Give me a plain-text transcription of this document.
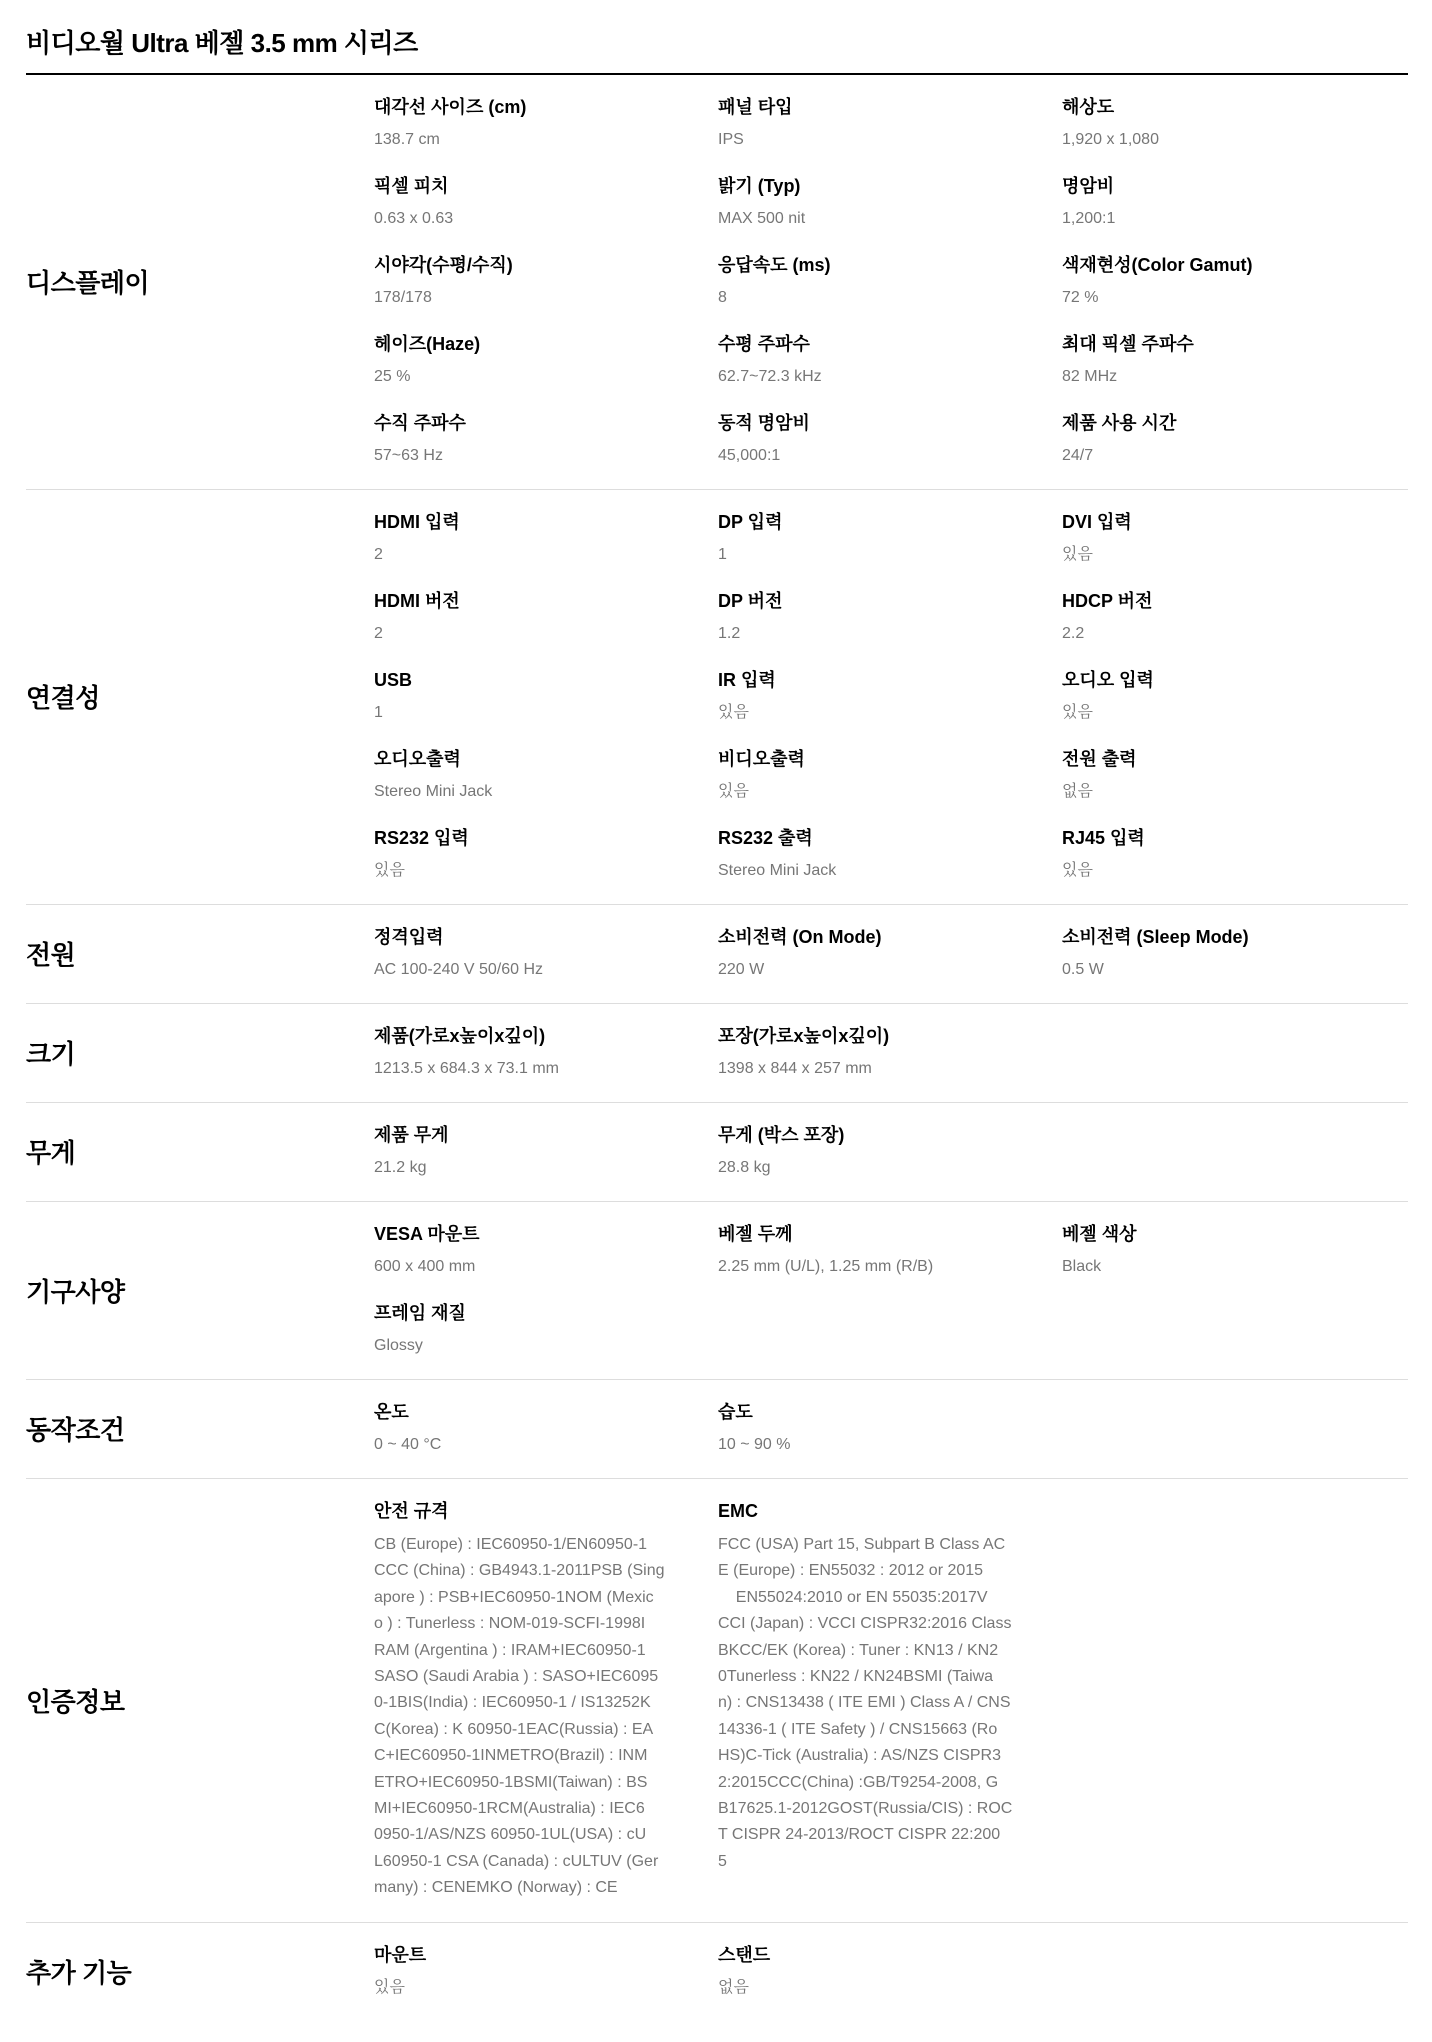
비디오월 Ultra 베젤 3.5 mm 시리즈
디스플레이
대각선 사이즈 (cm)
138.7 cm
패널 타입
IPS
해상도
1,920 x 1,080
픽셀 피치
0.63 x 0.63
밝기 (Typ)
MAX 500 nit
명암비
1,200:1
시야각(수평/수직)
178/178
응답속도 (ms)
8
색재현성(Color Gamut)
72 %
헤이즈(Haze)
25 %
수평 주파수
62.7~72.3 kHz
최대 픽셀 주파수
82 MHz
수직 주파수
57~63 Hz
동적 명암비
45,000:1
제품 사용 시간
24/7
연결성
HDMI 입력
2
DP 입력
1
DVI 입력
있음
HDMI 버전
2
DP 버전
1.2
HDCP 버전
2.2
USB
1
IR 입력
있음
오디오 입력
있음
오디오출력
Stereo Mini Jack
비디오출력
있음
전원 출력
없음
RS232 입력
있음
RS232 출력
Stereo Mini Jack
RJ45 입력
있음
전원
정격입력
AC 100-240 V 50/60 Hz
소비전력 (On Mode)
220 W
소비전력 (Sleep Mode)
0.5 W
크기
제품(가로x높이x깊이)
1213.5 x 684.3 x 73.1 mm
포장(가로x높이x깊이)
1398 x 844 x 257 mm
무게
제품 무게
21.2 kg
무게 (박스 포장)
28.8 kg
기구사양
VESA 마운트
600 x 400 mm
베젤 두께
2.25 mm (U/L), 1.25 mm (R/B)
베젤 색상
Black
프레임 재질
Glossy
동작조건
온도
0 ~ 40 °C
습도
10 ~ 90 %
인증정보
안전 규격
CB (Europe) : IEC60950-1/EN60950-1
CCC (China) : GB4943.1-2011PSB (Sing
apore ) : PSB+IEC60950-1NOM (Mexic
o ) : Tunerless : NOM-019-SCFI-1998I
RAM (Argentina ) : IRAM+IEC60950-1
SASO (Saudi Arabia ) : SASO+IEC6095
0-1BIS(India) : IEC60950-1 / IS13252K
C(Korea) : K 60950-1EAC(Russia) : EA
C+IEC60950-1INMETRO(Brazil) : INM
ETRO+IEC60950-1BSMI(Taiwan) : BS
MI+IEC60950-1RCM(Australia) : IEC6
0950-1/AS/NZS 60950-1UL(USA) : cU
L60950-1 CSA (Canada) : cULTUV (Ger
many) : CENEMKO (Norway) : CE
EMC
FCC (USA) Part 15, Subpart B Class AC
E (Europe) : EN55032 : 2012 or 2015
EN55024:2010 or EN 55035:2017V
CCI (Japan) : VCCI CISPR32:2016 Class
BKCC/EK (Korea) : Tuner : KN13 / KN2
0Tunerless : KN22 / KN24BSMI (Taiwa
n) : CNS13438 ( ITE EMI ) Class A / CNS
14336-1 ( ITE Safety ) / CNS15663 (Ro
HS)C-Tick (Australia) : AS/NZS CISPR3
2:2015CCC(China) :GB/T9254-2008, G
B17625.1-2012GOST(Russia/CIS) : ROC
T CISPR 24-2013/ROCT CISPR 22:200
5
추가 기능
마운트
있음
스탠드
없음
